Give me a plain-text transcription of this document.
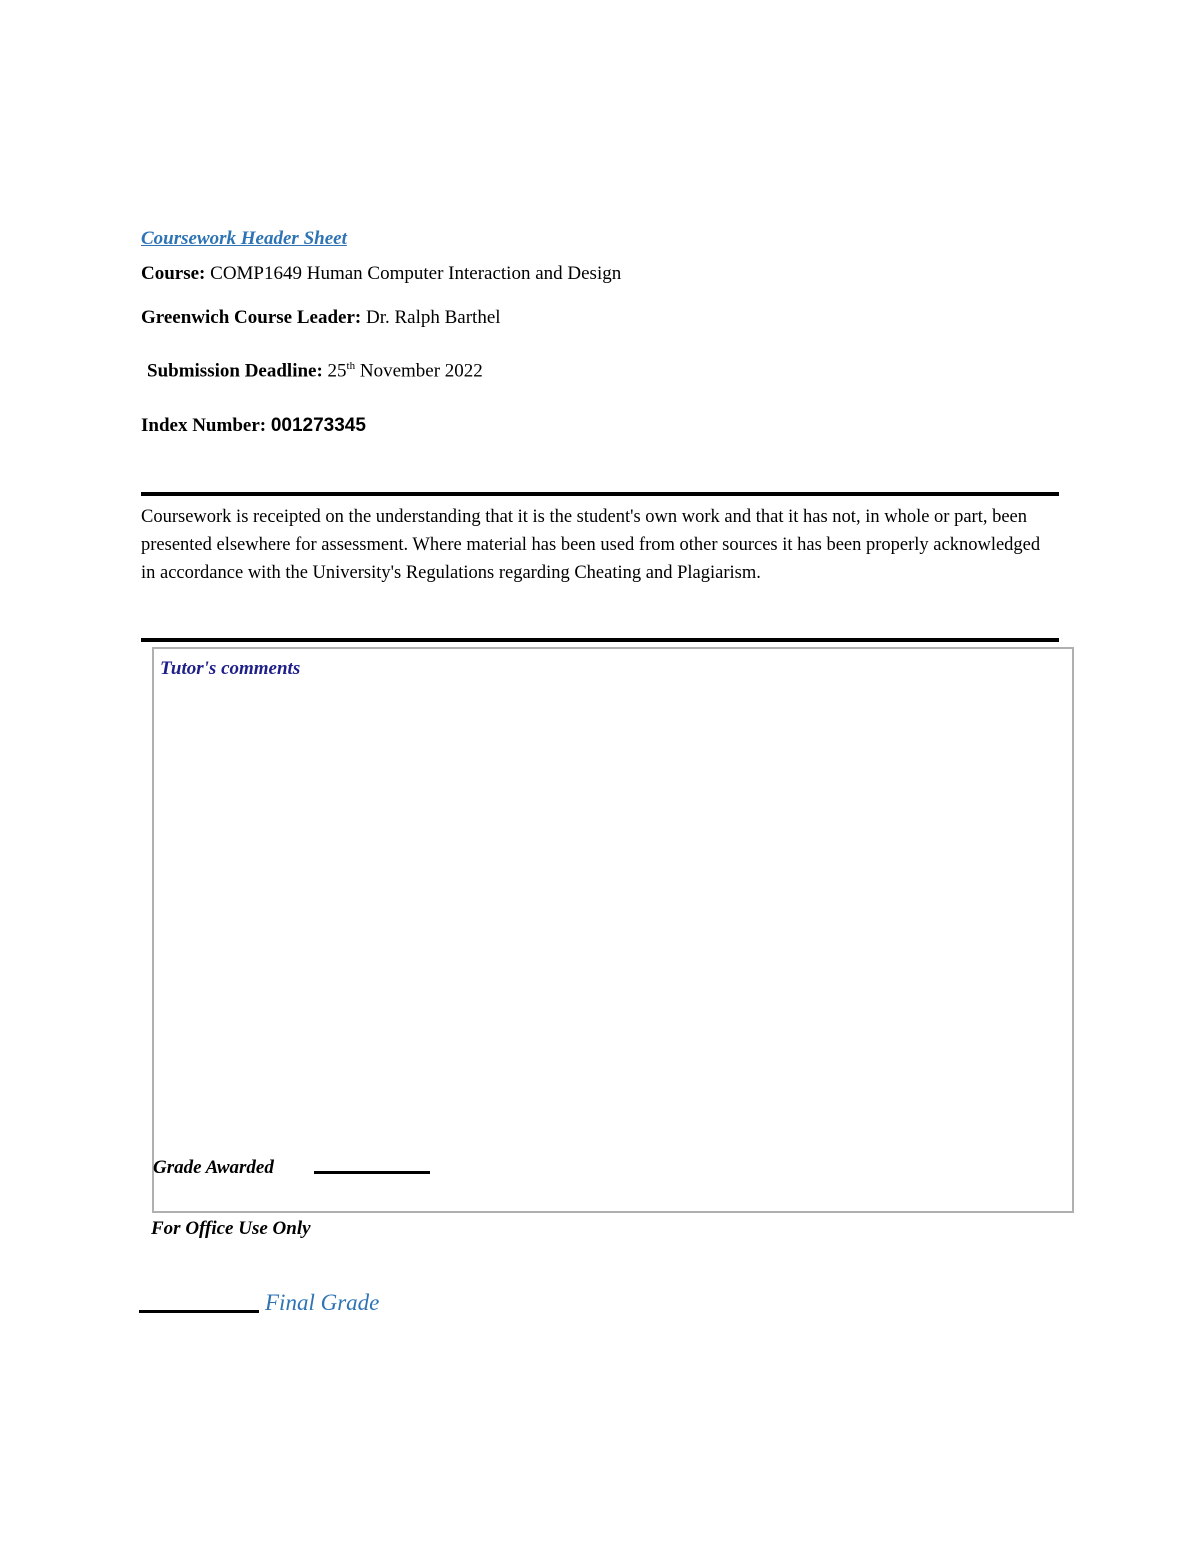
Coursework Header Sheet
Course: COMP1649 Human Computer Interaction and Design
Greenwich Course Leader: Dr. Ralph Barthel
Submission Deadline: 25th November 2022
Index Number: 001273345
Coursework is receipted on the understanding that it is the student's own work and that it has not, in whole or part, been presented elsewhere for assessment. Where material has been used from other sources it has been properly acknowledged in accordance with the University's Regulations regarding Cheating and Plagiarism.
Tutor's comments
Grade Awarded
For Office Use Only
Final Grade
